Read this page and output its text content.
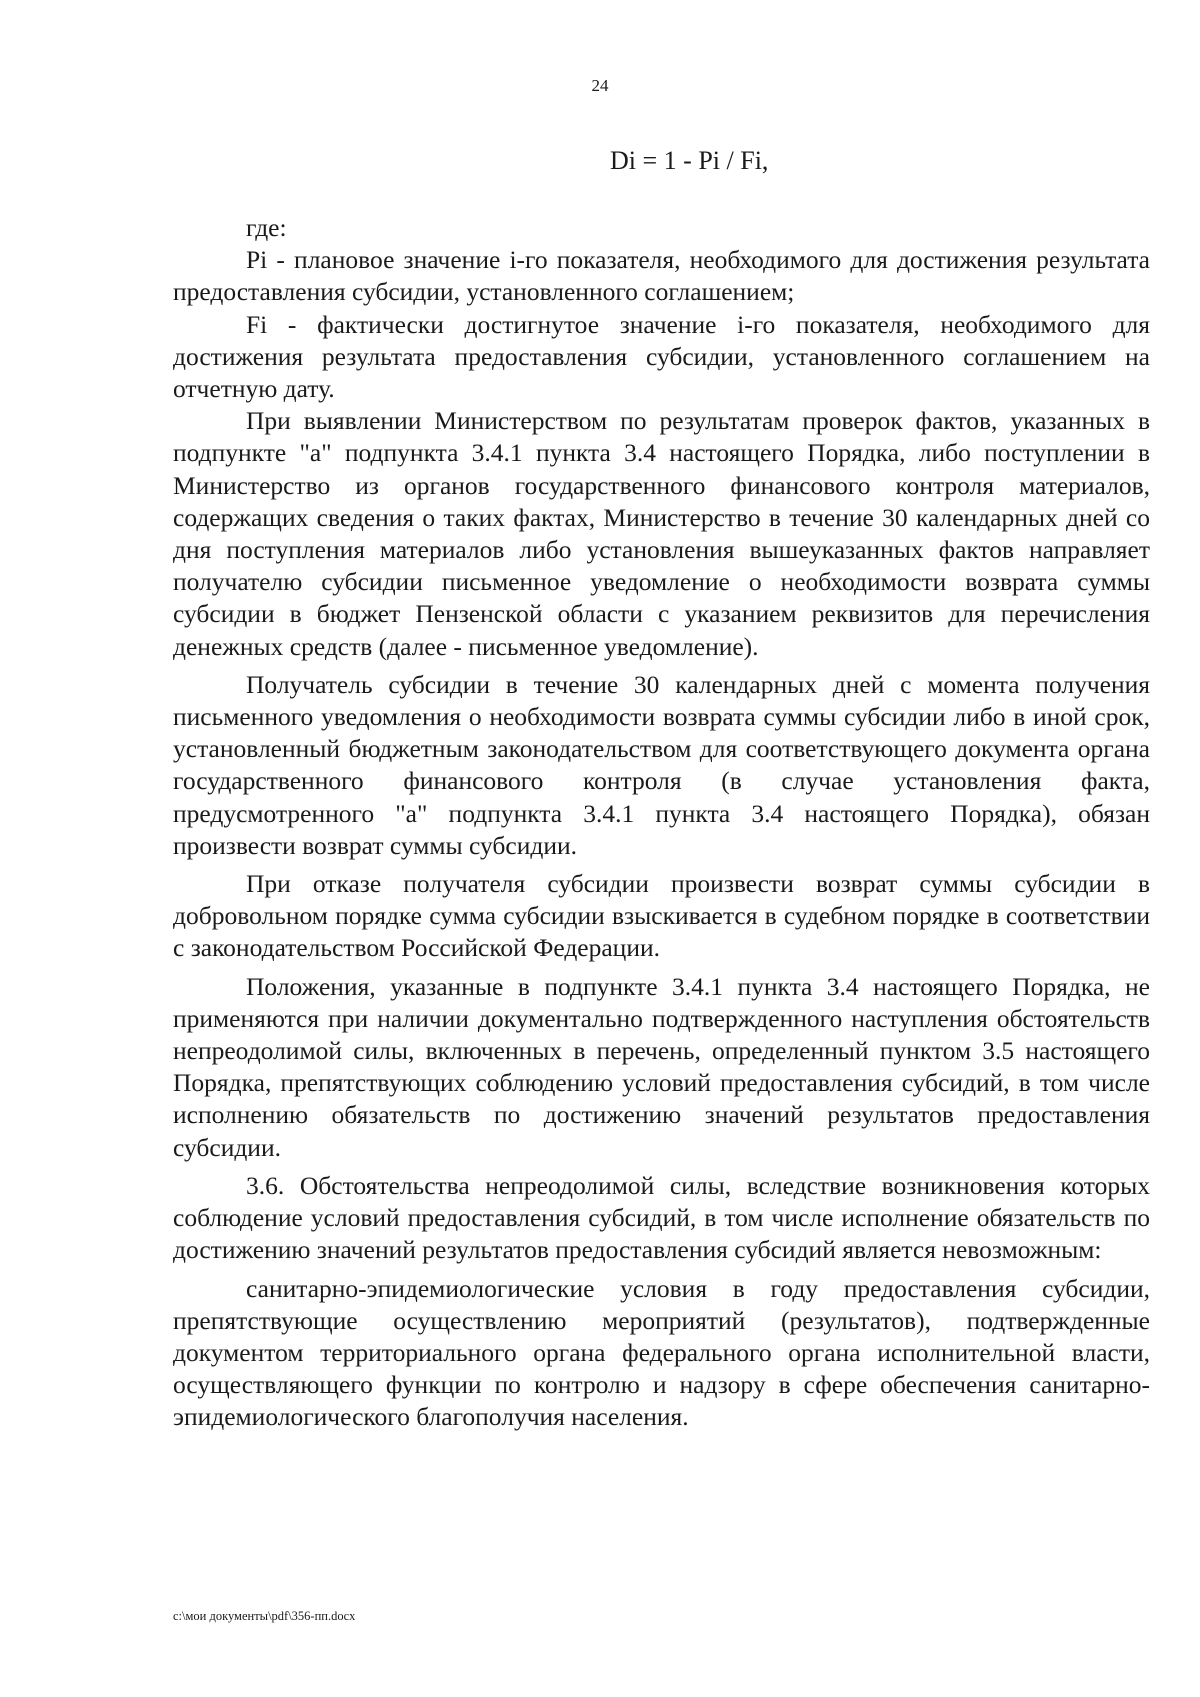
24
Di = 1 - Pi / Fi,

где:

Pi - плановое значение i-го показателя, необходимого для достижения результата предоставления субсидии, установленного соглашением;

Fi - фактически достигнутое значение i-го показателя, необходимого для достижения результата предоставления субсидии, установленного соглашением на отчетную дату.

При выявлении Министерством по результатам проверок фактов, указанных в подпункте "а" подпункта 3.4.1 пункта 3.4 настоящего Порядка, либо поступлении в Министерство из органов государственного финансового контроля материалов, содержащих сведения о таких фактах, Министерство в течение 30 календарных дней со дня поступления материалов либо установления вышеуказанных фактов направляет получателю субсидии письменное уведомление о необходимости возврата суммы субсидии в бюджет Пензенской области с указанием реквизитов для перечисления денежных средств (далее - письменное уведомление).

Получатель субсидии в течение 30 календарных дней с момента получения письменного уведомления о необходимости возврата суммы субсидии либо в иной срок, установленный бюджетным законодательством для соответствующего документа органа государственного финансового контроля (в случае установления факта, предусмотренного "а" подпункта 3.4.1 пункта 3.4 настоящего Порядка), обязан произвести возврат суммы субсидии.

При отказе получателя субсидии произвести возврат суммы субсидии в добровольном порядке сумма субсидии взыскивается в судебном порядке в соответствии с законодательством Российской Федерации.

Положения, указанные в подпункте 3.4.1 пункта 3.4 настоящего Порядка, не применяются при наличии документально подтвержденного наступления обстоятельств непреодолимой силы, включенных в перечень, определенный пунктом 3.5 настоящего Порядка, препятствующих соблюдению условий предоставления субсидий, в том числе исполнению обязательств по достижению значений результатов предоставления субсидии.

3.6. Обстоятельства непреодолимой силы, вследствие возникновения которых соблюдение условий предоставления субсидий, в том числе исполнение обязательств по достижению значений результатов предоставления субсидий является невозможным:

санитарно-эпидемиологические условия в году предоставления субсидии, препятствующие осуществлению мероприятий (результатов), подтвержденные документом территориального органа федерального органа исполнительной власти, осуществляющего функции по контролю и надзору в сфере обеспечения санитарно-эпидемиологического благополучия населения.

c:\мои документы\pdf\356-пп.docx
